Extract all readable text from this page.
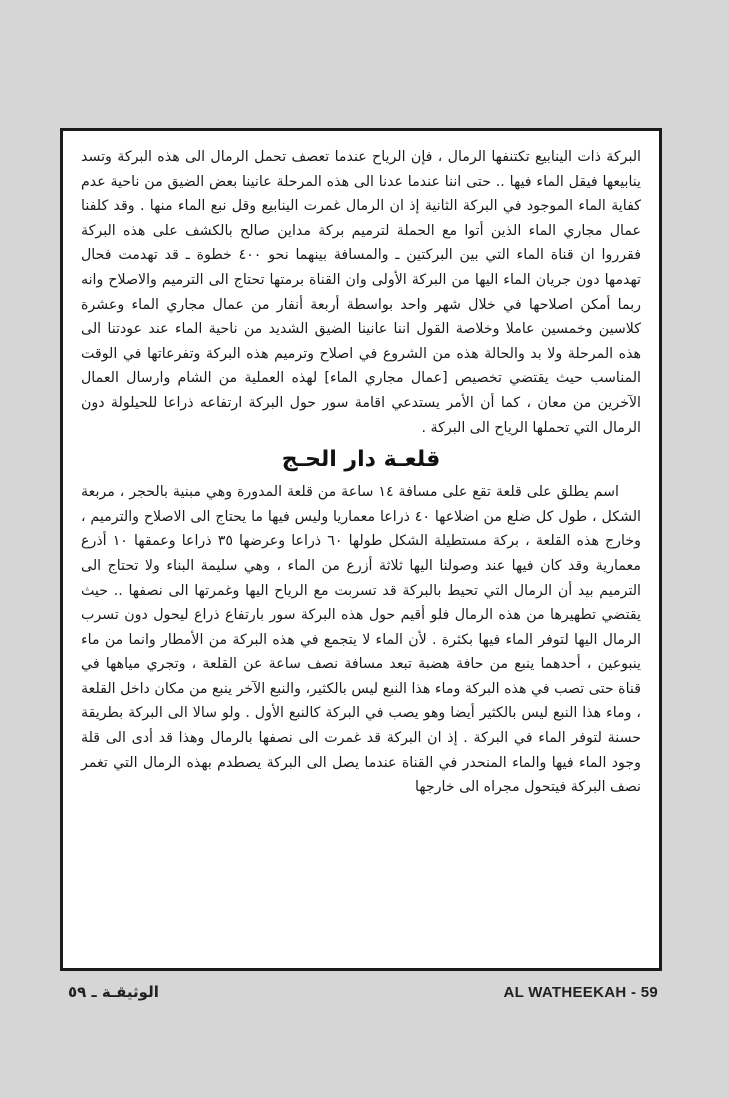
البركة ذات الينابيع تكتنفها الرمال ، فإن الرياح عندما تعصف تحمل الرمال الى هذه البركة وتسد ينابيعها فيقل الماء فيها .. حتى اننا عندما عدنا الى هذه المرحلة عانينا بعض الضيق من ناحية عدم كفاية الماء الموجود في البركة الثانية إذ ان الرمال غمرت الينابيع وقل نبع الماء منها . وقد كلفنا عمال مجاري الماء الذين أتوا مع الحملة لترميم بركة مداين صالح بالكشف على هذه البركة فقرروا ان قناة الماء التي بين البركتين ـ والمسافة بينهما نحو ٤٠٠ خطوة ـ قد تهدمت فحال تهدمها دون جريان الماء اليها من البركة الأولى وان القناة برمتها تحتاج الى الترميم والاصلاح وانه ربما أمكن اصلاحها في خلال شهر واحد بواسطة أربعة أنفار من عمال مجاري الماء وعشرة كلاسين وخمسين عاملا وخلاصة القول اننا عانينا الضيق الشديد من ناحية الماء عند عودتنا الى هذه المرحلة ولا بد والحالة هذه من الشروع في اصلاح وترميم هذه البركة وتفرعاتها في الوقت المناسب حيث يقتضي تخصيص [عمال مجاري الماء] لهذه العملية من الشام وارسال العمال الآخرين من معان ، كما أن الأمر يستدعي اقامة سور حول البركة ارتفاعه ذراعا للحيلولة دون الرمال التي تحملها الرياح الى البركة .

قلعـة دار الحـج

اسم يطلق على قلعة تقع على مسافة ١٤ ساعة من قلعة المدورة وهي مبنية بالحجر ، مربعة الشكل ، طول كل ضلع من اضلاعها ٤٠ ذراعا معماريا وليس فيها ما يحتاج الى الاصلاح والترميم ، وخارج هذه القلعة ، بركة مستطيلة الشكل طولها ٦٠ ذراعا وعرضها ٣٥ ذراعا وعمقها ١٠ أذرع معمارية وقد كان فيها عند وصولنا اليها ثلاثة أزرع من الماء ، وهي سليمة البناء ولا تحتاج الى الترميم بيد أن الرمال التي تحيط بالبركة قد تسربت مع الرياح اليها وغمرتها الى نصفها .. حيث يقتضي تطهيرها من هذه الرمال فلو أقيم حول هذه البركة سور بارتفاع ذراع ليحول دون تسرب الرمال اليها لتوفر الماء فيها بكثرة . لأن الماء لا يتجمع في هذه البركة من الأمطار وانما من ماء ينبوعين ، أحدهما ينبع من حافة هضبة تبعد مسافة نصف ساعة عن القلعة ، وتجري مياهها في قناة حتى تصب في هذه البركة وماء هذا النبع ليس بالكثير، والنبع الآخر ينبع من مكان داخل القلعة ، وماء هذا النبع ليس بالكثير أيضا وهو يصب في البركة كالنبع الأول . ولو سالا الى البركة بطريقة حسنة لتوفر الماء في البركة . إذ ان البركة قد غمرت الى نصفها بالرمال وهذا قد أدى الى قلة وجود الماء فيها والماء المنحدر في القناة عندما يصل الى البركة يصطدم بهذه الرمال التي تغمر نصف البركة فيتحول مجراه الى خارجها

الوثيقـة ـ ٥٩	AL WATHEEKAH - 59
